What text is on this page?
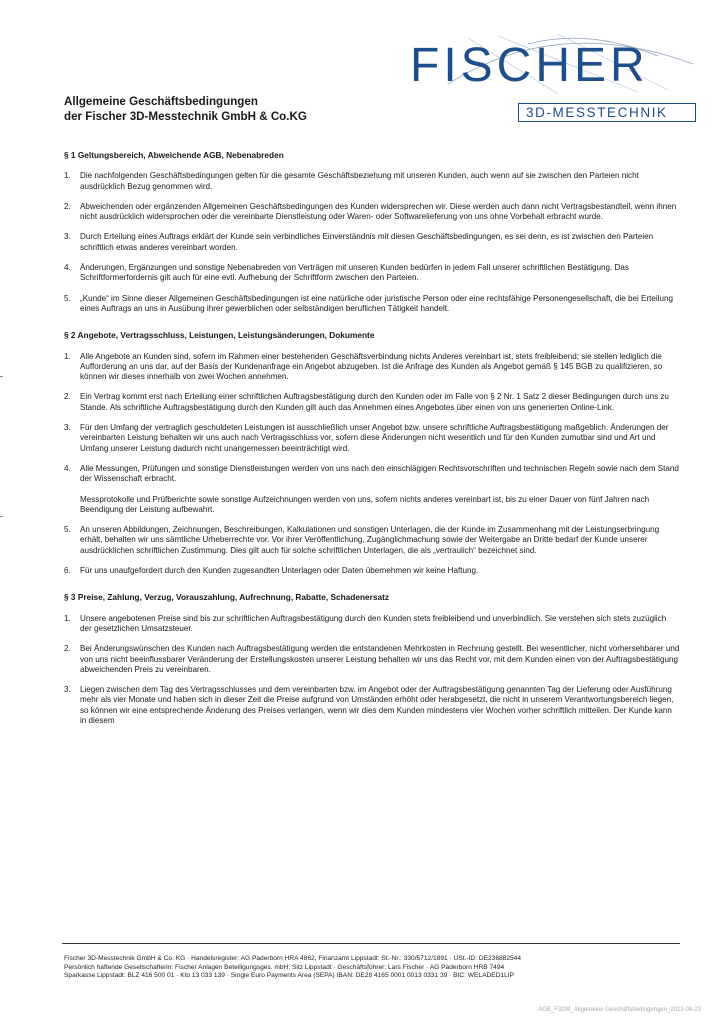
FISCHER
3D-MESSTECHNIK
Allgemeine Geschäftsbedingungen
der Fischer 3D-Messtechnik GmbH & Co.KG
§ 1 Geltungsbereich, Abweichende AGB, Nebenabreden
1. Die nachfolgenden Geschäftsbedingungen gelten für die gesamte Geschäftsbeziehung mit unseren Kunden, auch wenn auf sie zwischen den Parteien nicht ausdrücklich Bezug genommen wird.

2. Abweichenden oder ergänzenden Allgemeinen Geschäftsbedingungen des Kunden widersprechen wir. Diese werden auch dann nicht Vertragsbestandteil, wenn ihnen nicht ausdrücklich widersprochen oder die vereinbarte Dienstleistung oder Waren- oder Softwarelieferung von uns ohne Vorbehalt erbracht wurde.

3. Durch Erteilung eines Auftrags erklärt der Kunde sein verbindliches Einverständnis mit diesen Geschäftsbedingungen, es sei denn, es ist zwischen den Parteien schriftlich etwas anderes vereinbart worden.

4. Änderungen, Ergänzungen und sonstige Nebenabreden von Verträgen mit unseren Kunden bedürfen in jedem Fall unserer schriftlichen Bestätigung. Das Schriftformerfordernis gilt auch für eine evtl. Aufhebung der Schriftform zwischen den Parteien.

5. „Kunde“ im Sinne dieser Allgemeinen Geschäftsbedingungen ist eine natürliche oder juristische Person oder eine rechtsfähige Personengesellschaft, die bei Erteilung eines Auftrags an uns in Ausübung ihrer gewerblichen oder selbständigen beruflichen Tätigkeit handelt.

§ 2 Angebote, Vertragsschluss, Leistungen, Leistungsänderungen, Dokumente
1. Alle Angebote an Kunden sind, sofern im Rahmen einer bestehenden Geschäftsverbindung nichts Anderes vereinbart ist, stets freibleibend; sie stellen lediglich die Aufforderung an uns dar, auf der Basis der Kundenanfrage ein Angebot abzugeben. Ist die Anfrage des Kunden als Angebot gemäß § 145 BGB zu qualifizieren, so können wir dieses innerhalb von zwei Wochen annehmen.

2. Ein Vertrag kommt erst nach Erteilung einer schriftlichen Auftragsbestätigung durch den Kunden oder im Falle von § 2 Nr. 1 Satz 2 dieser Bedingungen durch uns zu Stande. Als schriftliche Auftragsbestätigung durch den Kunden gilt auch das Annehmen eines Angebotes über einen von uns generierten Online-Link.

3. Für den Umfang der vertraglich geschuldeten Leistungen ist ausschließlich unser Angebot bzw. unsere schriftliche Auftragsbestätigung maßgeblich. Änderungen der vereinbarten Leistung behalten wir uns auch nach Vertragsschluss vor, sofern diese Änderungen nicht wesentlich und für den Kunden zumutbar sind und Art und Umfang unserer Leistung dadurch nicht unangemessen beeinträchtigt wird.

4. Alle Messungen, Prüfungen und sonstige Dienstleistungen werden von uns nach den einschlägigen Rechtsvorschriften und technischen Regeln sowie nach dem Stand der Wissenschaft erbracht.

Messprotokolle und Prüfberichte sowie sonstige Aufzeichnungen werden von uns, sofern nichts anderes vereinbart ist, bis zu einer Dauer von fünf Jahren nach Beendigung der Leistung aufbewahrt.

5. An unseren Abbildungen, Zeichnungen, Beschreibungen, Kalkulationen und sonstigen Unterlagen, die der Kunde im Zusammenhang mit der Leistungserbringung erhält, behalten wir uns sämtliche Urheberrechte vor. Vor ihrer Veröffentlichung, Zugänglichmachung sowie der Weitergabe an Dritte bedarf der Kunde unserer ausdrücklichen schriftlichen Zustimmung. Dies gilt auch für solche schriftlichen Unterlagen, die als „vertraulich“ bezeichnet sind.

6. Für uns unaufgefordert durch den Kunden zugesandten Unterlagen oder Daten übernehmen wir keine Haftung.

§ 3 Preise, Zahlung, Verzug, Vorauszahlung, Aufrechnung, Rabatte, Schadenersatz
1. Unsere angebotenen Preise sind bis zur schriftlichen Auftragsbestätigung durch den Kunden stets freibleibend und unverbindlich. Sie verstehen sich stets zuzüglich der gesetzlichen Umsatzsteuer.

2. Bei Änderungswünschen des Kunden nach Auftragsbestätigung werden die entstandenen Mehrkosten in Rechnung gestellt. Bei wesentlicher, nicht vorhersehbarer und von uns nicht beeinflussbarer Veränderung der Erstellungskosten unserer Leistung behalten wir uns das Recht vor, mit dem Kunden einen von der Auftragsbestätigung abweichenden Preis zu vereinbaren.

3. Liegen zwischen dem Tag des Vertragsschlusses und dem vereinbarten bzw. im Angebot oder der Auftragsbestätigung genannten Tag der Lieferung oder Ausführung mehr als vier Monate und haben sich in dieser Zeit die Preise aufgrund von Umständen erhöht oder herabgesetzt, die nicht in unserem Verantwortungsbereich liegen, so können wir eine entsprechende Änderung des Preises verlangen, wenn wir dies dem Kunden mindestens vier Wochen vorher schriftlich mitteilen. Der Kunde kann in diesem

Fischer 3D-Messtechnik GmbH & Co. KG · Handelsregister: AG Paderborn HRA 4862, Finanzamt Lippstadt: St.-Nr.: 330/5712/1891 · USt.-ID: DE236882544
Persönlich haftende Gesellschafterin: Fischer Anlagen Beteiligungsges. mbH, Sitz Lippstadt · Geschäftsführer: Lars Fischer · AG Paderborn HRB 7494
Sparkasse Lippstadt: BLZ 416 500 01 · Kto 13 033 139 · Single Euro Payments Area (SEPA) IBAN: DE28 4165 0001 0013 0331 39 · BIC: WELADED1LIP
AGB_F3DM_Allgemeine Geschäftsbedingungen_2023-08-23
